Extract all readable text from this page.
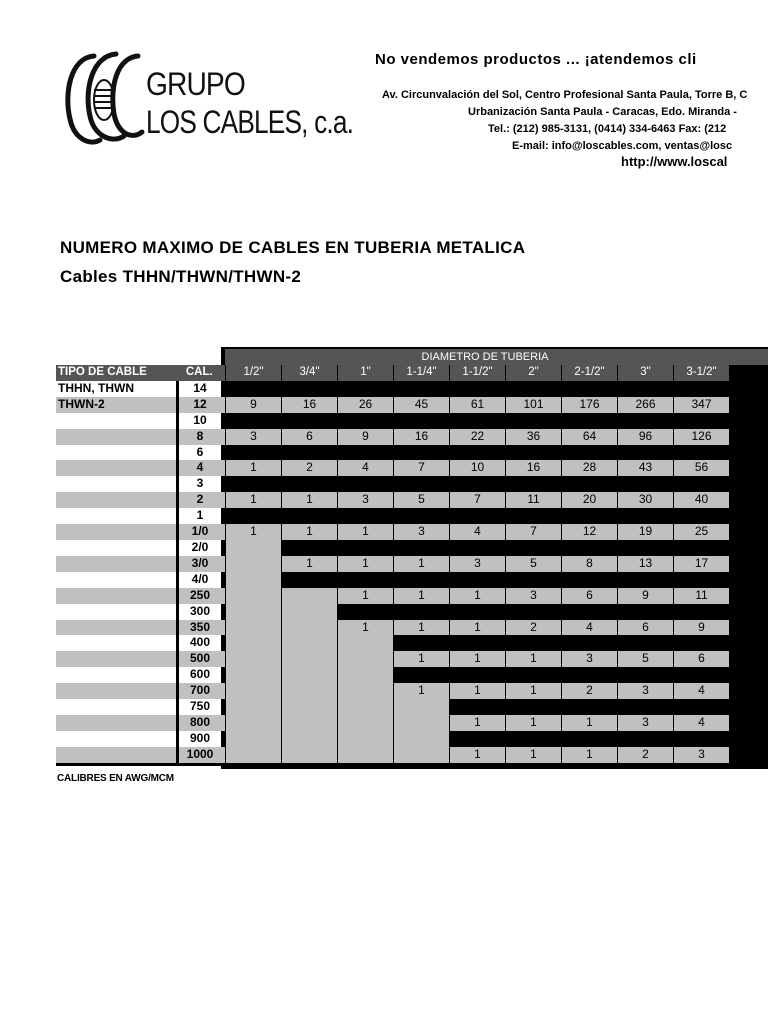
GRUPO
LOS CABLES, c.a.
No vendemos productos ... ¡atendemos cli
Av. Circunvalación del Sol, Centro Profesional Santa Paula, Torre B, C
Urbanización Santa Paula - Caracas, Edo. Miranda -
Tel.: (212) 985-3131, (0414) 334-6463 Fax: (212
E-mail: info@loscables.com, ventas@losc
http://www.loscal
NUMERO MAXIMO DE CABLES EN TUBERIA METALICA
Cables THHN/THWN/THWN-2
DIAMETRO DE TUBERIA
TIPO DE CABLE	CAL.	1/2"	3/4"	1"	1-1/4"	1-1/2"	2"	2-1/2"	3"	3-1/2"
THHN, THWN	14	12	22	35	61	84	138	241	364	476
THWN-2	12	9	16	26	45	61	101	176	266	347
	10	5	10	16	28	38	63	111	167	219
	8	3	6	9	16	22	36	64	96	126
	6	2	4	7	12	16	26	46	69	91
	4	1	2	4	7	10	16	28	43	56
	3	1	1	3	6	8	13	24	36	47
	2	1	1	3	5	7	11	20	30	40
	1	1	1	1	4	5	8	15	22	29
	1/0	1	1	1	3	4	7	12	19	25
	2/0		1	1	2	3	6	10	16	20
	3/0		1	1	1	3	5	8	13	17
	4/0		1	1	1	2	4	7	11	14
	250			1	1	1	3	6	9	11
	300			1	1	1	3	5	7	10
	350			1	1	1	2	4	6	9
	400				1	1	1	4	6	8
	500				1	1	1	3	5	6
	600				1	1	1	2	4	5
	700				1	1	1	2	3	4
	750					1	1	1	3	4
	800					1	1	1	3	4
	900					1	1	1	3	3
	1000					1	1	1	2	3
CALIBRES EN AWG/MCM
